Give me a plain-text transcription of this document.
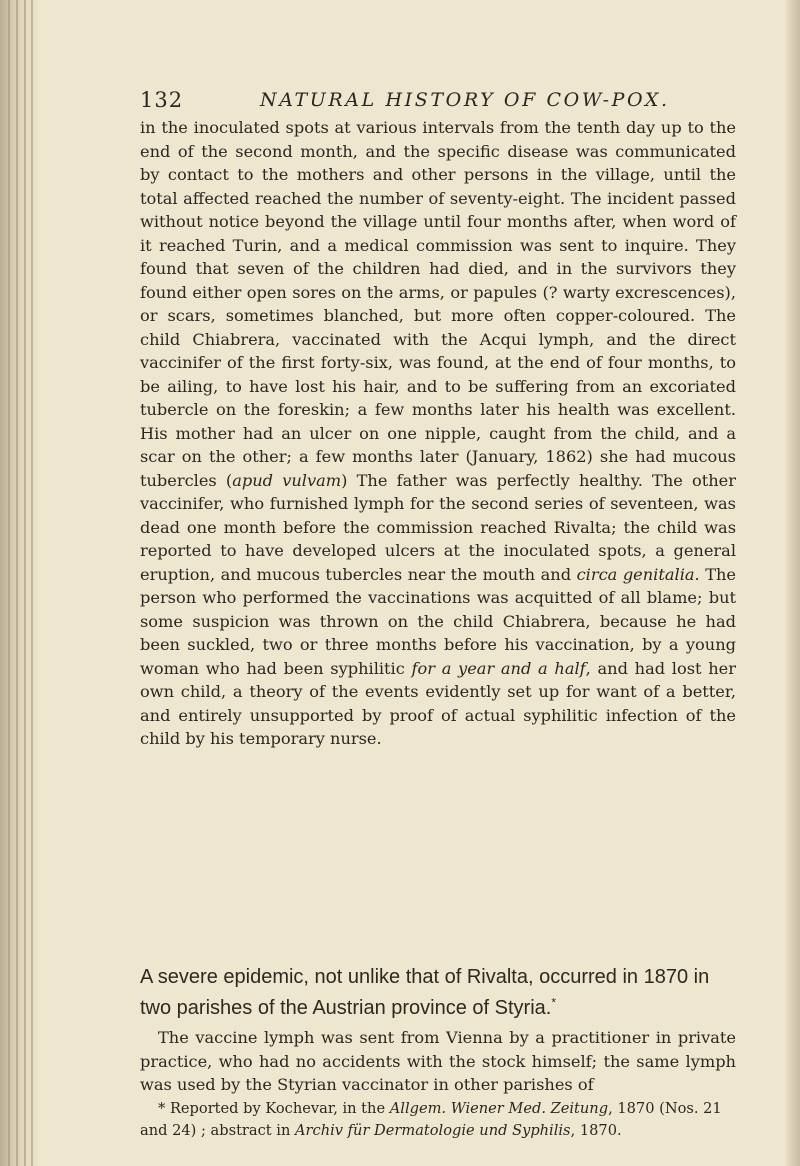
132	NATURAL HISTORY OF COW-POX.

in the inoculated spots at various intervals from the tenth day up to the end of the second month, and the specific disease was communicated by contact to the mothers and other persons in the village, until the total affected reached the number of seventy-eight. The incident passed without notice beyond the village until four months after, when word of it reached Turin, and a medical commission was sent to inquire. They found that seven of the children had died, and in the survivors they found either open sores on the arms, or papules (? warty excrescences), or scars, sometimes blanched, but more often copper-coloured. The child Chiabrera, vaccinated with the Acqui lymph, and the direct vaccinifer of the first forty-six, was found, at the end of four months, to be ailing, to have lost his hair, and to be suffering from an excoriated tubercle on the foreskin; a few months later his health was excellent. His mother had an ulcer on one nipple, caught from the child, and a scar on the other; a few months later (January, 1862) she had mucous tubercles (apud vulvam) The father was perfectly healthy. The other vaccinifer, who furnished lymph for the second series of seventeen, was dead one month before the commission reached Rivalta; the child was reported to have developed ulcers at the inoculated spots, a general eruption, and mucous tubercles near the mouth and circa genitalia. The person who performed the vaccinations was acquitted of all blame; but some suspicion was thrown on the child Chiabrera, because he had been suckled, two or three months before his vaccination, by a young woman who had been syphilitic for a year and a half, and had lost her own child, a theory of the events evidently set up for want of a better, and entirely unsupported by proof of actual syphilitic infection of the child by his temporary nurse.

A severe epidemic, not unlike that of Rivalta, occurred in 1870 in two parishes of the Austrian province of Styria.*

The vaccine lymph was sent from Vienna by a practitioner in private practice, who had no accidents with the stock himself; the same lymph was used by the Styrian vaccinator in other parishes of

* Reported by Kochevar, in the Allgem. Wiener Med. Zeitung, 1870 (Nos. 21 and 24) ; abstract in Archiv für Dermatologie und Syphilis, 1870.
